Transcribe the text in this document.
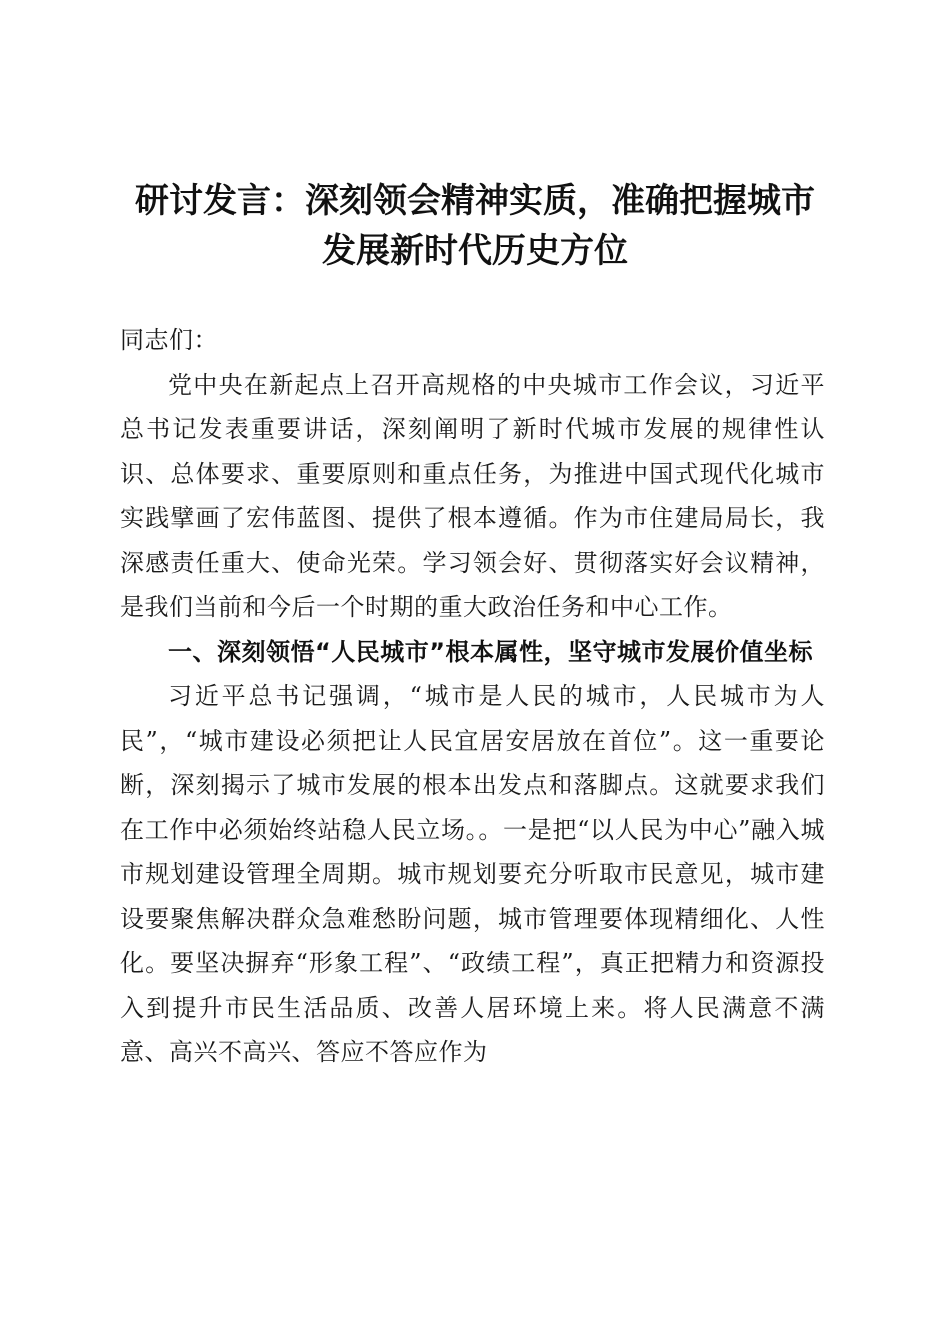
研讨发言：深刻领会精神实质，准确把握城市
发展新时代历史方位

同志们：

党中央在新起点上召开高规格的中央城市工作会议，习近平总书记发表重要讲话，深刻阐明了新时代城市发展的规律性认识、总体要求、重要原则和重点任务，为推进中国式现代化城市实践擘画了宏伟蓝图、提供了根本遵循。作为市住建局局长，我深感责任重大、使命光荣。学习领会好、贯彻落实好会议精神，是我们当前和今后一个时期的重大政治任务和中心工作。

一、深刻领悟“人民城市”根本属性，坚守城市发展价值坐标

习近平总书记强调，“城市是人民的城市，人民城市为人民”，“城市建设必须把让人民宜居安居放在首位”。这一重要论断，深刻揭示了城市发展的根本出发点和落脚点。这就要求我们在工作中必须始终站稳人民立场。。一是把“以人民为中心”融入城市规划建设管理全周期。城市规划要充分听取市民意见，城市建设要聚焦解决群众急难愁盼问题，城市管理要体现精细化、人性化。要坚决摒弃“形象工程”、“政绩工程”，真正把精力和资源投入到提升市民生活品质、改善人居环境上来。将人民满意不满意、高兴不高兴、答应不答应作为
